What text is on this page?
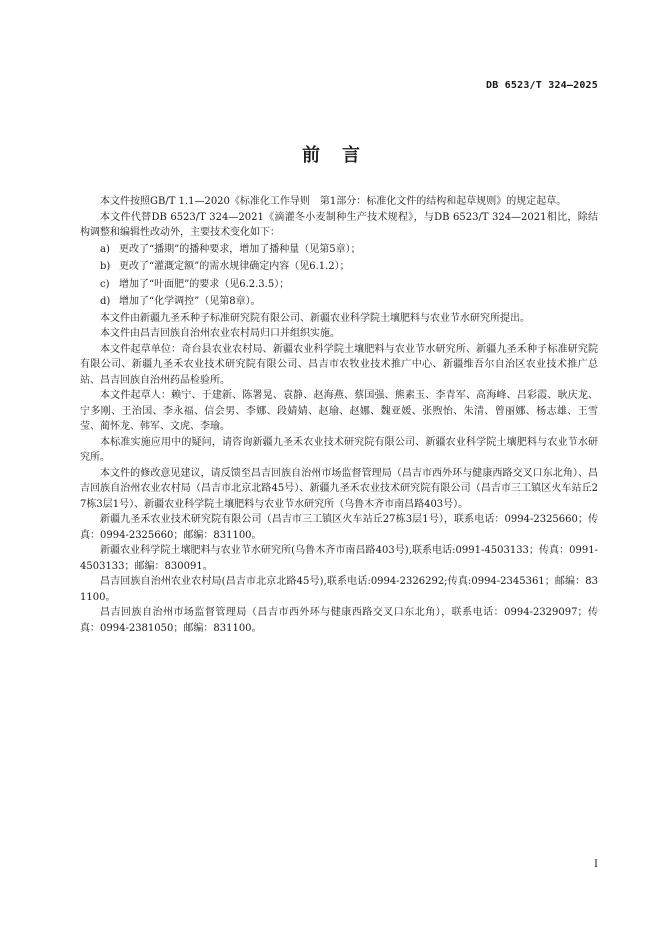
DB 6523/T 324—2025
前言

本文件按照GB/T 1.1—2020《标准化工作导则　第1部分：标准化文件的结构和起草规则》的规定起草。

本文件代替DB 6523/T 324—2021《滴灌冬小麦制种生产技术规程》，与DB 6523/T 324—2021相比，除结构调整和编辑性改动外，主要技术变化如下：

a) 更改了“播期”的播种要求，增加了播种量（见第5章）；

b) 更改了“灌溉定额”的需水规律确定内容（见6.1.2）；

c) 增加了“叶面肥”的要求（见6.2.3.5）；

d) 增加了“化学调控”（见第8章）。

本文件由新疆九圣禾种子标准研究院有限公司、新疆农业科学院土壤肥料与农业节水研究所提出。

本文件由昌吉回族自治州农业农村局归口并组织实施。

本文件起草单位：奇台县农业农村局、新疆农业科学院土壤肥料与农业节水研究所、新疆九圣禾种子标准研究院有限公司、新疆九圣禾农业技术研究院有限公司、昌吉市农牧业技术推广中心、新疆维吾尔自治区农业技术推广总站、昌吉回族自治州药品检验所。

本文件起草人：赖宁、于建新、陈署晃、袁静、赵海燕、蔡国强、熊素玉、李青军、高海峰、吕彩霞、耿庆龙、宁多刚、王治国、李永福、信会男、李娜、段婧婧、赵瑜、赵娜、魏亚媛、张煦怡、朱清、曾丽娜、杨志雄、王雪莹、蔺怀龙、韩军、文虎、李瑜。

本标准实施应用中的疑问，请咨询新疆九圣禾农业技术研究院有限公司、新疆农业科学院土壤肥料与农业节水研究所。

本文件的修改意见建议，请反馈至昌吉回族自治州市场监督管理局（昌吉市西外环与健康西路交叉口东北角）、昌吉回族自治州农业农村局（昌吉市北京北路45号）、新疆九圣禾农业技术研究院有限公司（昌吉市三工镇区火车站丘27栋3层1号）、新疆农业科学院土壤肥料与农业节水研究所（乌鲁木齐市南昌路403号）。

新疆九圣禾农业技术研究院有限公司（昌吉市三工镇区火车站丘27栋3层1号），联系电话：0994-2325660；传真：0994-2325660；邮编：831100。

新疆农业科学院土壤肥料与农业节水研究所(乌鲁木齐市南昌路403号),联系电话:0991-4503133；传真：0991-4503133；邮编：830091。

昌吉回族自治州农业农村局(昌吉市北京北路45号),联系电话:0994-2326292;传真:0994-2345361；邮编：831100。

昌吉回族自治州市场监督管理局（昌吉市西外环与健康西路交叉口东北角），联系电话：0994-2329097；传真：0994-2381050；邮编：831100。

I
